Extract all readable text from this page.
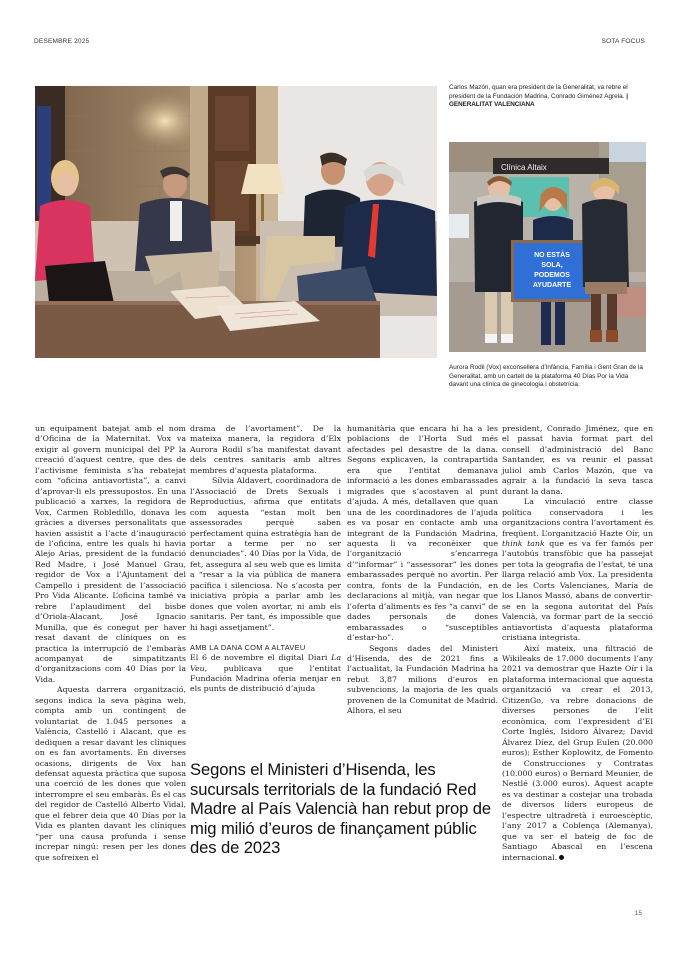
DESEMBRE 2025	SOTA FOCUS
Carlos Mazón, quan era president de la Generalitat, va rebre el president de la Fundación Madrina, Conrado Giménez Agrela. | GENERALITAT VALENCIANA
Clínica Altaix
NO ESTÀS
SOLA,
PODEMOS
AYUDARTE
Aurora Rodil (Vox) exconsellera d’Infància, Família i Gent Gran de la Generalitat, amb un cartell de la plataforma 40 Días Por la Vida davant una clínica de ginecologia i obstetrícia.

un equipament batejat amb el nom d’Oficina de la Maternitat. Vox va exigir al govern municipal del PP la creació d’aquest centre, que des de l’activisme feminista s’ha rebatejat com “oficina antiavortista”, a canvi d’aprovar-li els pressupostos. En una publicació a xarxes, la regidora de Vox, Carmen Robledillo, donava les gràcies a diverses personalitats que havien assistit a l’acte d’inauguració de l’oficina, entre les quals hi havia Alejo Arias, president de la fundació Red Madre, i José Manuel Grau, regidor de Vox a l’Ajuntament del Campello i president de l’associació Pro Vida Alicante. L’oficina també va rebre l’aplaudiment del bisbe d’Oriola-Alacant, José Ignacio Munilla, que és conegut per haver resat davant de clíniques on es practica la interrupció de l’embaràs acompanyat de simpatitzants d’organitzacions com 40 Días por la Vida.

Aquesta darrera organització, segons indica la seva pàgina web, compta amb un contingent de voluntariat de 1.045 persones a València, Castelló i Alacant, que es dediquen a resar davant les clíniques on es fan avortaments. En diverses ocasions, dirigents de Vox han defensat aquesta pràctica que suposa una coerció de les dones que volen interrompre el seu embaràs. És el cas del regidor de Castelló Alberto Vidal, que el febrer deia que 40 Días por la Vida es planten davant les clíniques “per una causa profunda i sense increpar ningú: resen per les dones que sofreixen el

drama de l’avortament”. De la mateixa manera, la regidora d’Elx Aurora Rodil s’ha manifestat davant dels centres sanitaris amb altres membres d’aquesta plataforma.

Sílvia Aldavert, coordinadora de l’Associació de Drets Sexuals i Reproductius, afirma que entitats com aquesta “estan molt ben assessorades perquè saben perfectament quina estratègia han de portar a terme per no ser denunciades”. 40 Días por la Vida, de fet, assegura al seu web que es limita a “resar a la via pública de manera pacífica i silenciosa. No s’acosta per iniciativa pròpia a parlar amb les dones que volen avortar, ni amb els sanitaris. Per tant, és impossible que hi hagi assetjament”.

AMB LA DANA COM A ALTAVEU

El 6 de novembre el digital Diari La Veu, publicava que l’entitat Fundación Madrina oferia menjar en els punts de distribució d’ajuda

humanitària que encara hi ha a les poblacions de l’Horta Sud més afectades pel desastre de la dana. Segons explicaven, la contrapartida era que l’entitat demanava informació a les dones embarassades migrades que s’acostaven al punt d’ajuda. A més, detallaven que quan una de les coordinadores de l’ajuda es va posar en contacte amb una integrant de la Fundación Madrina, aquesta li va reconèixer que l’organització s’encarrega d’“informar” i “assessorar” les dones embarassades perquè no avortin. Per contra, fonts de la Fundación, en declaracions al mitjà, van negar que l’oferta d’aliments es fes “a canvi” de dades personals de dones embarassades o “susceptibles d’estar-ho”.

Segons dades del Ministeri d’Hisenda, des de 2021 fins a l’actualitat, la Fundación Madrina ha rebut 3,87 milions d’euros en subvencions, la majoria de les quals provenen de la Comunitat de Madrid. Alhora, el seu

president, Conrado Jiménez, que en el passat havia format part del consell d’administració del Banc Santander, es va reunir el passat juliol amb Carlos Mazón, que va agrair a la fundació la seva tasca durant la dana.

La vinculació entre classe política conservadora i les organitzacions contra l’avortament és freqüent. L’organització Hazte Oír, un think tank que es va fer famós per l’autobús transfòbic que ha passejat per tota la geografia de l’estat, té una llarga relació amb Vox. La presidenta de les Corts Valencianes, María de los Llanos Massó, abans de convertir-se en la segona autoritat del País Valencià, va formar part de la secció antiavortista d’aquesta plataforma cristiana integrista.

Així mateix, una filtració de Wikileaks de 17.000 documents l’any 2021 va demostrar que Hazte Oír i la plataforma internacional que aquesta organització va crear el 2013, CitizenGo, va rebre donacions de diverses persones de l’elit econòmica, com l’expresident d’El Corte Inglés, Isidoro Álvarez; David Álvarez Díez, del Grup Eulen (20.000 euros); Esther Koplowitz, de Fomento de Construcciones y Contratas (10.000 euros) o Bernard Meunier, de Nestlé (3.000 euros). Aquest acapte es va destinar a costejar una trobada de diversos líders europeus de l’espectre ultradretà i euroescèptic, l’any 2017 a Coblença (Alemanya), que va ser el bateig de foc de Santiago Abascal en l’escena internacional.

Segons el Ministeri d’Hisenda, les sucursals territorials de la fundació Red Madre al País Valencià han rebut prop de mig milió d’euros de finançament públic des de 2023
15
